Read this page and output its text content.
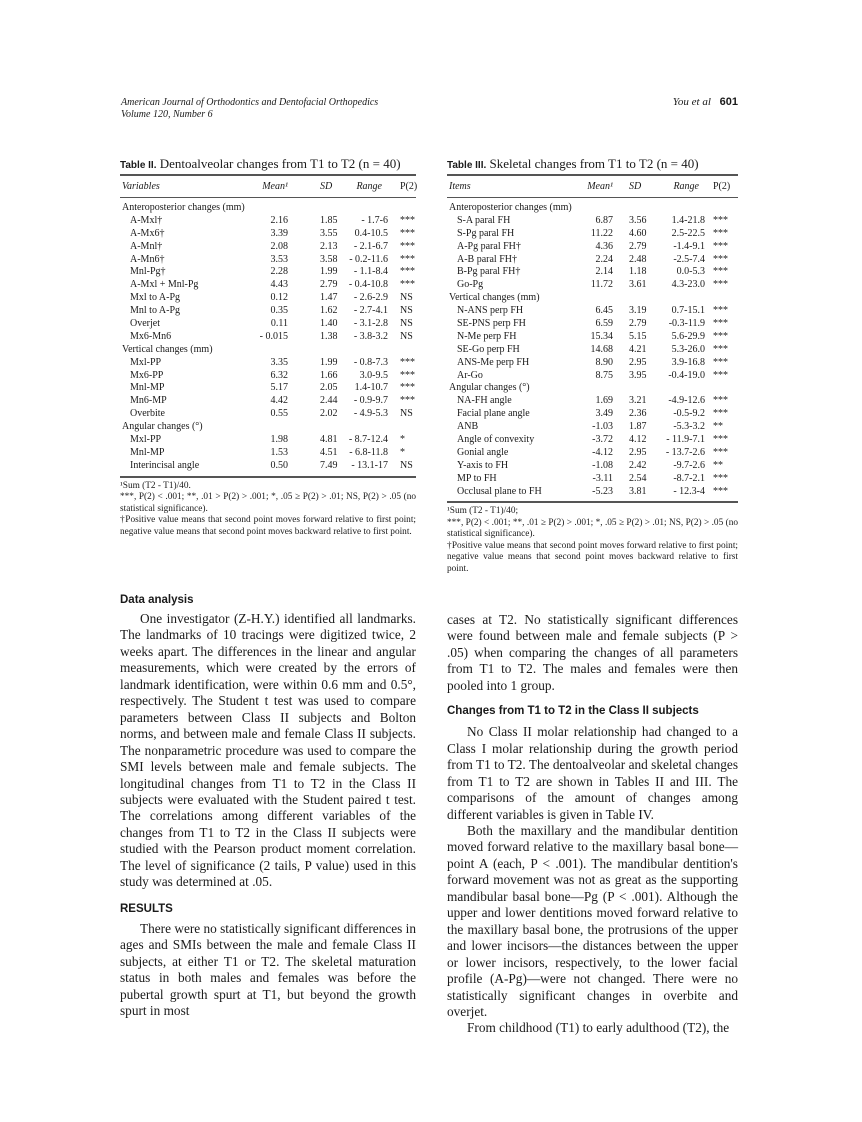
American Journal of Orthodontics and Dentofacial Orthopedics
Volume 120, Number 6
You et al 601
Table II. Dentoalveolar changes from T1 to T2 (n = 40)
Variables	Mean¹	SD Range P(2)
Anteroposterior changes (mm)
A-Mxl†	2.16	1.85 - 1.7-6 ***
A-Mx6†	3.39	3.55 0.4-10.5 ***
A-Mnl†	2.08	2.13 - 2.1-6.7 ***
A-Mn6†	3.53	3.58 - 0.2-11.6 ***
Mnl-Pg†	2.28	1.99 - 1.1-8.4 ***
A-Mxl + Mnl-Pg	4.43	2.79 - 0.4-10.8 ***
Mxl to A-Pg	0.12	1.47 - 2.6-2.9 NS
Mnl to A-Pg	0.35	1.62 - 2.7-4.1 NS
Overjet	0.11	1.40 - 3.1-2.8 NS
Mx6-Mn6	- 0.015	1.38 - 3.8-3.2 NS
Vertical changes (mm)
Mxl-PP	3.35	1.99 - 0.8-7.3 ***
Mx6-PP	6.32	1.66 3.0-9.5 ***
Mnl-MP	5.17	2.05 1.4-10.7 ***
Mn6-MP	4.42	2.44 - 0.9-9.7 ***
Overbite	0.55	2.02 - 4.9-5.3 NS
Angular changes (°)
Mxl-PP	1.98	4.81 - 8.7-12.4 *
Mnl-MP	1.53	4.51 - 6.8-11.8 *
Interincisal angle	0.50	7.49 - 13.1-17 NS
¹Sum (T2 - T1)/40.
***, P(2) < .001; **, .01 > P(2) > .001; *, .05 ≥ P(2) > .01; NS, P(2) > .05 (no statistical significance).
†Positive value means that second point moves forward relative to first point; negative value means that second point moves backward relative to first point.
Table III. Skeletal changes from T1 to T2 (n = 40)
Items	Mean¹ SD	Range P(2)
Anteroposterior changes (mm)
S-A paral FH	6.87 3.56	1.4-21.8 ***
S-Pg paral FH	11.22 4.60	2.5-22.5 ***
A-Pg paral FH†	4.36 2.79	-1.4-9.1 ***
A-B paral FH†	2.24 2.48	-2.5-7.4 ***
B-Pg paral FH†	2.14 1.18	0.0-5.3 ***
Go-Pg	11.72 3.61	4.3-23.0 ***
Vertical changes (mm)
N-ANS perp FH	6.45 3.19	0.7-15.1 ***
SE-PNS perp FH	6.59 2.79 -0.3-11.9 ***
N-Me perp FH	15.34 5.15	5.6-29.9 ***
SE-Go perp FH	14.68 4.21	5.3-26.0 ***
ANS-Me perp FH	8.90 2.95	3.9-16.8 ***
Ar-Go	8.75 3.95 -0.4-19.0 ***
Angular changes (°)
NA-FH angle	1.69 3.21 -4.9-12.6 ***
Facial plane angle	3.49 2.36	-0.5-9.2 ***
ANB	-1.03 1.87	-5.3-3.2 **
Angle of convexity	-3.72 4.12 - 11.9-7.1 ***
Gonial angle	-4.12 2.95 - 13.7-2.6 ***
Y-axis to FH	-1.08 2.42	-9.7-2.6 **
MP to FH	-3.11 2.54	-8.7-2.1 ***
Occlusal plane to FH	-5.23 3.81	- 12.3-4 ***
¹Sum (T2 - T1)/40;
***, P(2) < .001; **, .01 ≥ P(2) > .001; *, .05 ≥ P(2) > .01; NS, P(2) > .05 (no statistical significance).
†Positive value means that second point moves forward relative to first point; negative value means that second point moves backward relative to first point.
Data analysis

One investigator (Z-H.Y.) identified all landmarks. The landmarks of 10 tracings were digitized twice, 2 weeks apart. The differences in the linear and angular measurements, which were created by the errors of landmark identification, were within 0.6 mm and 0.5°, respectively. The Student t test was used to compare parameters between Class II subjects and Bolton norms, and between male and female Class II subjects. The nonparametric procedure was used to compare the SMI levels between male and female subjects. The longitudinal changes from T1 to T2 in the Class II subjects were evaluated with the Student paired t test. The correlations among different variables of the changes from T1 to T2 in the Class II subjects were studied with the Pearson product moment correlation. The level of significance (2 tails, P value) used in this study was determined at .05.

RESULTS

There were no statistically significant differences in ages and SMIs between the male and female Class II subjects, at either T1 or T2. The skeletal maturation status in both males and females was before the pubertal growth spurt at T1, but beyond the growth spurt in most

cases at T2. No statistically significant differences were found between male and female subjects (P > .05) when comparing the changes of all parameters from T1 to T2. The males and females were then pooled into 1 group.

Changes from T1 to T2 in the Class II subjects

No Class II molar relationship had changed to a Class I molar relationship during the growth period from T1 to T2. The dentoalveolar and skeletal changes from T1 to T2 are shown in Tables II and III. The comparisons of the amount of changes among different variables is given in Table IV.

Both the maxillary and the mandibular dentition moved forward relative to the maxillary basal bone—point A (each, P < .001). The mandibular dentition's forward movement was not as great as the supporting mandibular basal bone—Pg (P < .001). Although the upper and lower dentitions moved forward relative to the maxillary basal bone, the protrusions of the upper and lower incisors—the distances between the upper or lower incisors, respectively, to the lower facial profile (A-Pg)—were not changed. There were no statistically significant changes in overbite and overjet.

From childhood (T1) to early adulthood (T2), the
